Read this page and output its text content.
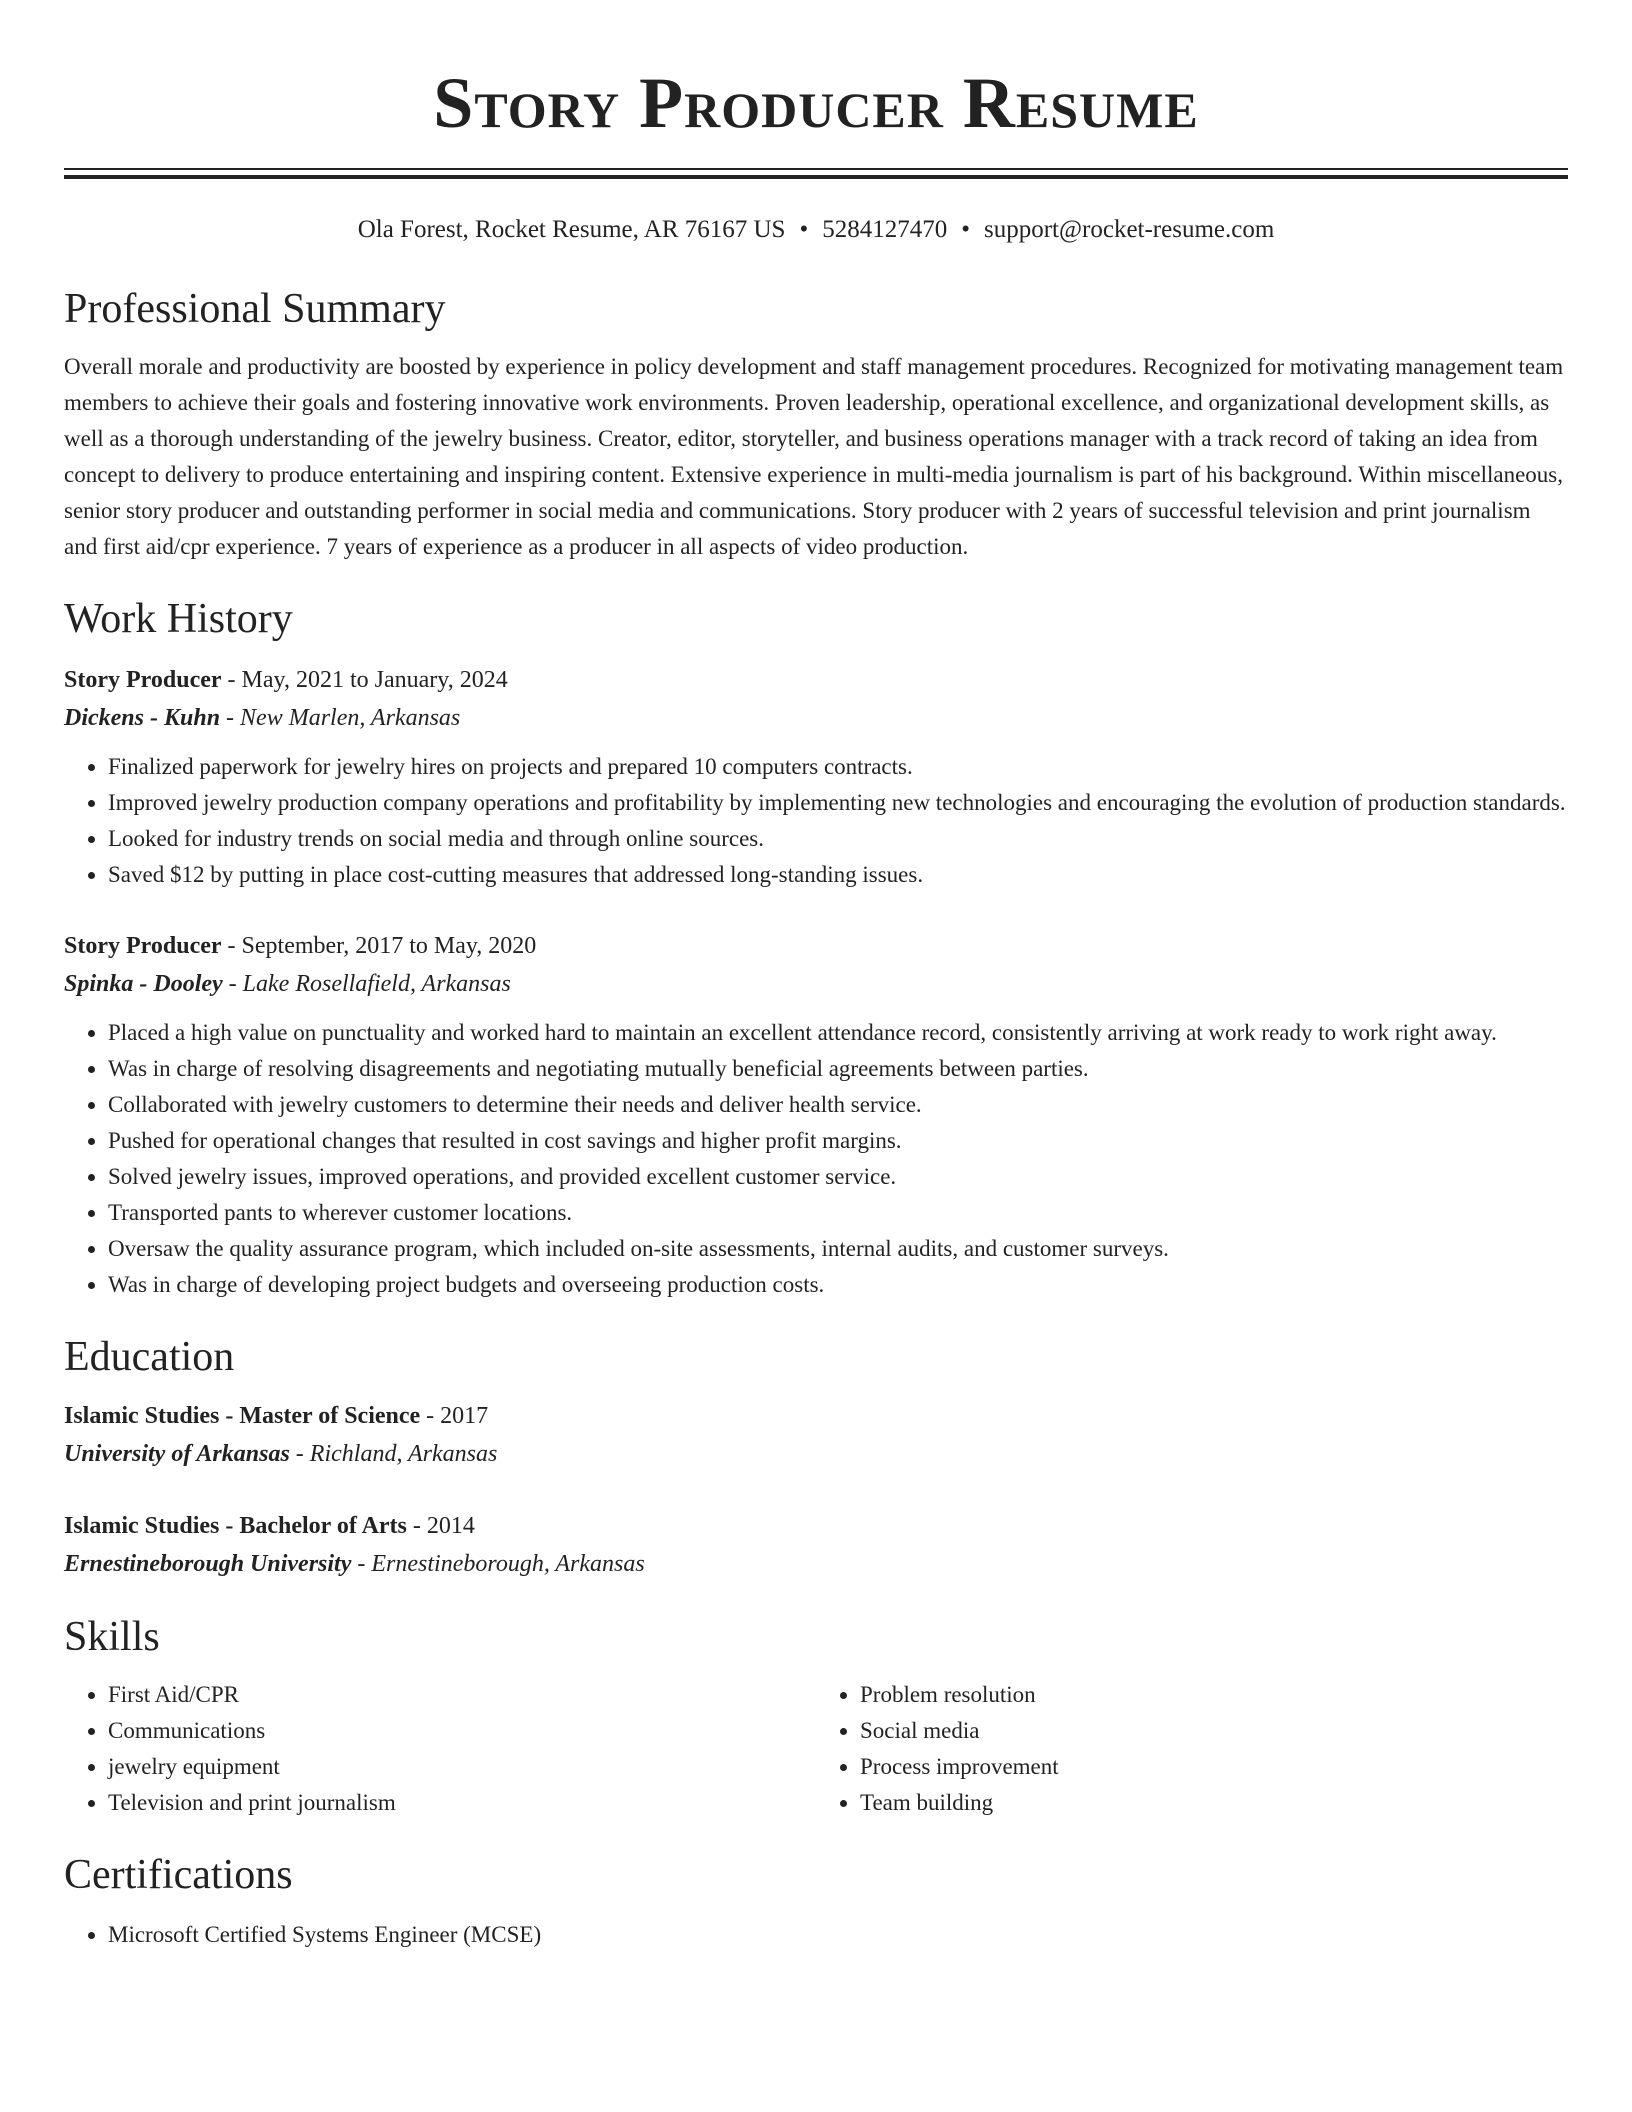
Story Producer Resume
Ola Forest, Rocket Resume, AR 76167 US • 5284127470 • support@rocket-resume.com
Professional Summary

Overall morale and productivity are boosted by experience in policy development and staff management procedures. Recognized for motivating management team members to achieve their goals and fostering innovative work environments. Proven leadership, operational excellence, and organizational development skills, as well as a thorough understanding of the jewelry business. Creator, editor, storyteller, and business operations manager with a track record of taking an idea from concept to delivery to produce entertaining and inspiring content. Extensive experience in multi-media journalism is part of his background. Within miscellaneous, senior story producer and outstanding performer in social media and communications. Story producer with 2 years of successful television and print journalism and first aid/cpr experience. 7 years of experience as a producer in all aspects of video production.

Work History
Story Producer - May, 2021 to January, 2024
Dickens - Kuhn - New Marlen, Arkansas
• Finalized paperwork for jewelry hires on projects and prepared 10 computers contracts.
• Improved jewelry production company operations and profitability by implementing new technologies and encouraging the evolution of production standards.
• Looked for industry trends on social media and through online sources.
• Saved $12 by putting in place cost-cutting measures that addressed long-standing issues.
Story Producer - September, 2017 to May, 2020
Spinka - Dooley - Lake Rosellafield, Arkansas
• Placed a high value on punctuality and worked hard to maintain an excellent attendance record, consistently arriving at work ready to work right away.
• Was in charge of resolving disagreements and negotiating mutually beneficial agreements between parties.
• Collaborated with jewelry customers to determine their needs and deliver health service.
• Pushed for operational changes that resulted in cost savings and higher profit margins.
• Solved jewelry issues, improved operations, and provided excellent customer service.
• Transported pants to wherever customer locations.
• Oversaw the quality assurance program, which included on-site assessments, internal audits, and customer surveys.
• Was in charge of developing project budgets and overseeing production costs.
Education
Islamic Studies - Master of Science - 2017
University of Arkansas - Richland, Arkansas
Islamic Studies - Bachelor of Arts - 2014
Ernestineborough University - Ernestineborough, Arkansas
Skills
• First Aid/CPR
• Communications
• jewelry equipment
• Television and print journalism
• Problem resolution
• Social media
• Process improvement
• Team building
Certifications
• Microsoft Certified Systems Engineer (MCSE)
